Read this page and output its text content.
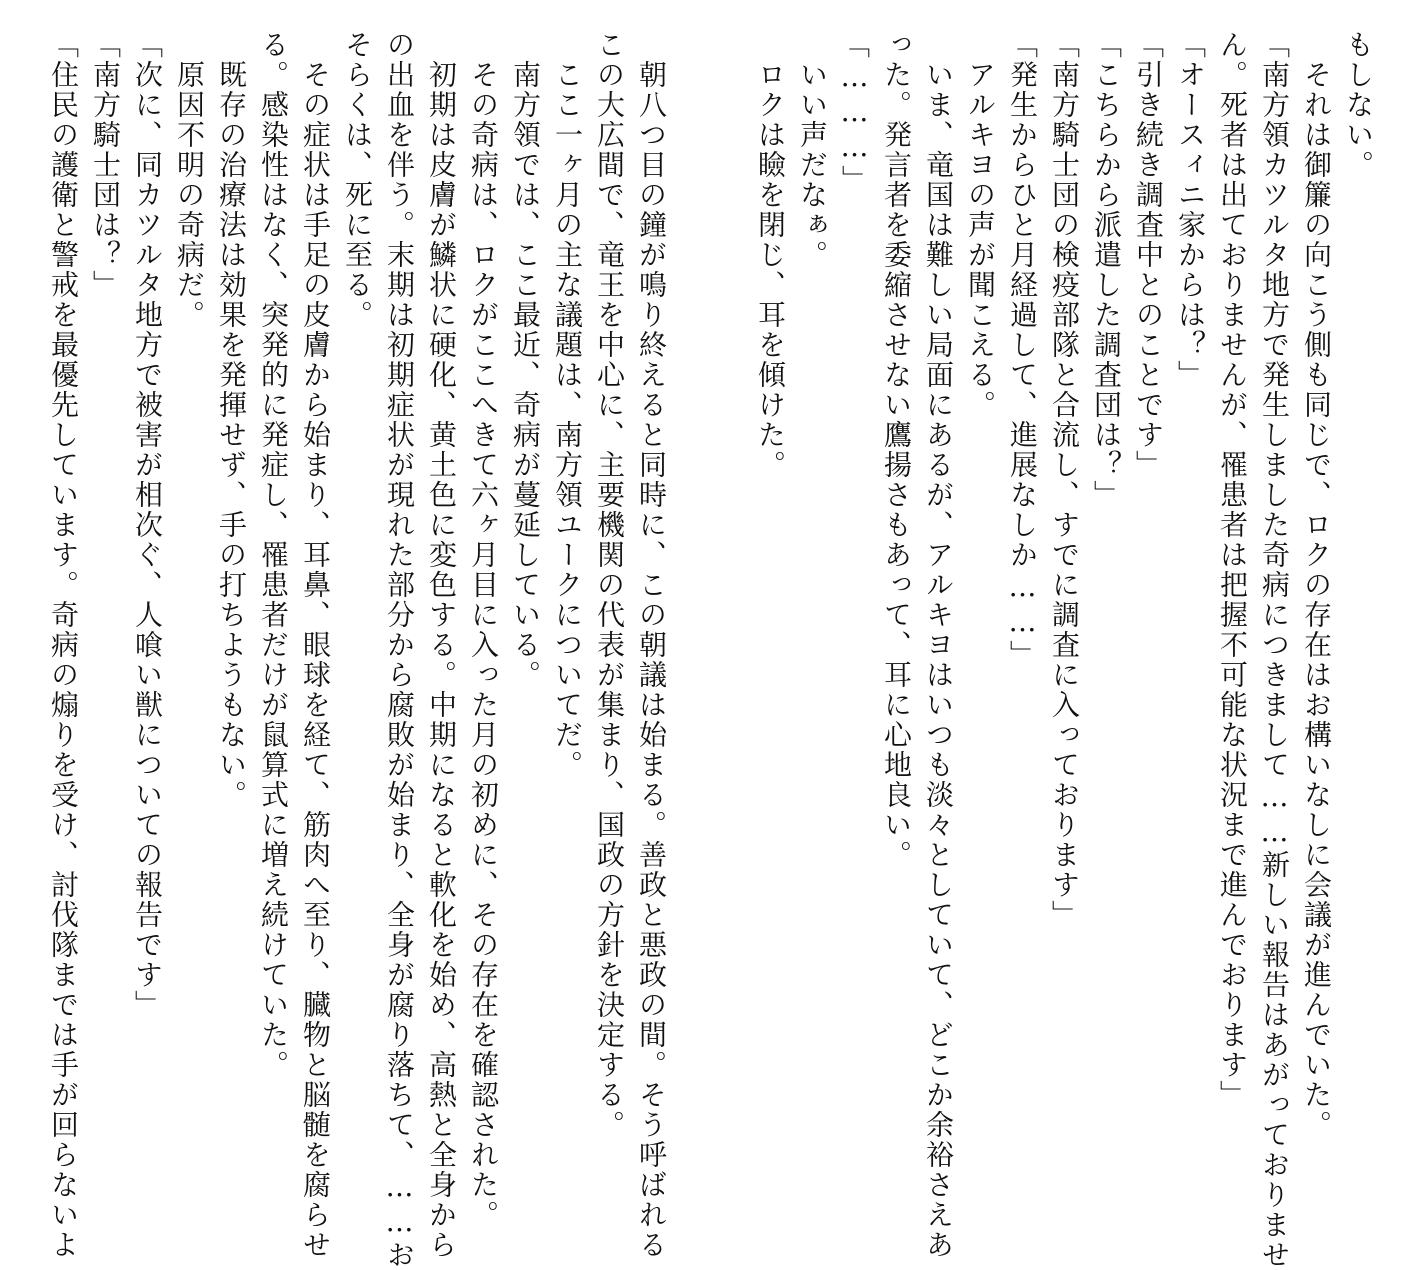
もしない。
　それは御簾の向こう側も同じで、ロクの存在はお構いなしに会議が進んでいた。
「南方領カツルタ地方で発生しました奇病につきまして……新しい報告はあがっておりませ
ん。死者は出ておりませんが、罹患者は把握不可能な状況まで進んでおります」
「オースィニ家からは？」
「引き続き調査中とのことです」
「こちらから派遣した調査団は？」
「南方騎士団の検疫部隊と合流し、すでに調査に入っております」
「発生からひと月経過して、進展なしか……」
　アルキヨの声が聞こえる。
　いま、竜国は難しい局面にあるが、アルキヨはいつも淡々としていて、どこか余裕さえあ
った。発言者を委縮させない鷹揚さもあって、耳に心地良い。
「………」
　いい声だなぁ。
　ロクは瞼を閉じ、耳を傾けた。
　朝八つ目の鐘が鳴り終えると同時に、この朝議は始まる。善政と悪政の間。そう呼ばれる
この大広間で、竜王を中心に、主要機関の代表が集まり、国政の方針を決定する。
　ここ一ヶ月の主な議題は、南方領ユークについてだ。
　南方領では、ここ最近、奇病が蔓延している。
　その奇病は、ロクがここへきて六ヶ月目に入った月の初めに、その存在を確認された。
　初期は皮膚が鱗状に硬化、黄土色に変色する。中期になると軟化を始め、高熱と全身から
の出血を伴う。末期は初期症状が現れた部分から腐敗が始まり、全身が腐り落ちて、……お
そらくは、死に至る。
　その症状は手足の皮膚から始まり、耳鼻、眼球を経て、筋肉へ至り、臓物と脳髄を腐らせ
る。感染性はなく、突発的に発症し、罹患者だけが鼠算式に増え続けていた。
　既存の治療法は効果を発揮せず、手の打ちようもない。
　原因不明の奇病だ。
「次に、同カツルタ地方で被害が相次ぐ、人喰い獣についての報告です」
「南方騎士団は？」
「住民の護衛と警戒を最優先しています。奇病の煽りを受け、討伐隊までは手が回らないよ
